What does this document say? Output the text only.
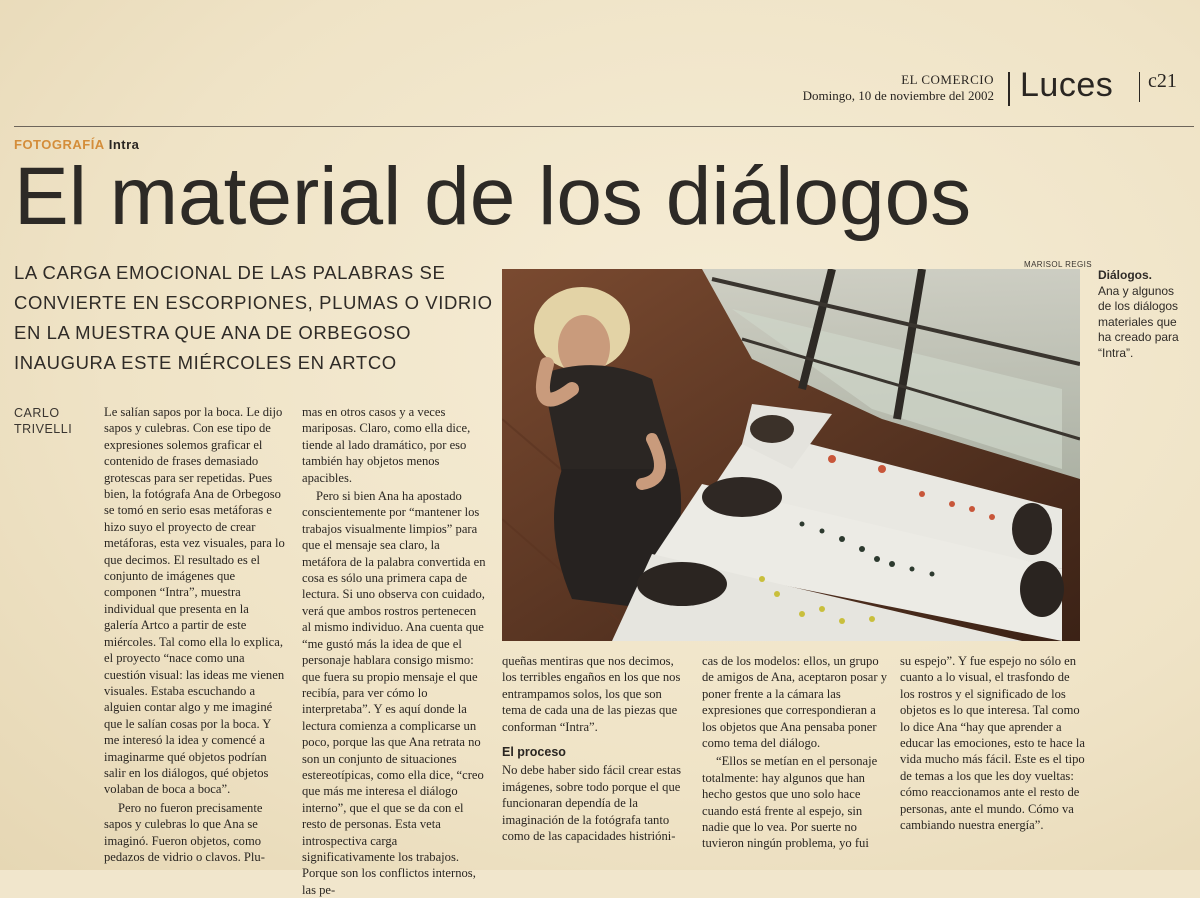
EL COMERCIO
Domingo, 10 de noviembre del 2002 Luces c21
FOTOGRAFÍA Intra
El material de los diálogos
LA CARGA EMOCIONAL DE LAS PALABRAS SE CONVIERTE EN ESCORPIONES, PLUMAS O VIDRIO EN LA MUESTRA QUE ANA DE ORBEGOSO INAUGURA ESTE MIÉRCOLES EN ARTCO
CARLO
TRIVELLI

Le salían sapos por la boca. Le dijo sapos y culebras. Con ese tipo de expresiones solemos graficar el contenido de frases demasiado grotescas para ser repetidas. Pues bien, la fotógrafa Ana de Orbegoso se tomó en serio esas metáforas e hizo suyo el proyecto de crear metáforas, esta vez visuales, para lo que decimos. El resultado es el conjunto de imágenes que componen “Intra”, muestra individual que presenta en la galería Artco a partir de este miércoles. Tal como ella lo explica, el proyecto “nace como una cuestión visual: las ideas me vienen visuales. Estaba escuchando a alguien contar algo y me imaginé que le salían cosas por la boca. Y me interesó la idea y comencé a imaginarme qué objetos podrían salir en los diálogos, qué objetos volaban de boca a boca”.

Pero no fueron precisamente sapos y culebras lo que Ana se imaginó. Fueron objetos, como pedazos de vidrio o clavos. Plu-

mas en otros casos y a veces mariposas. Claro, como ella dice, tiende al lado dramático, por eso también hay objetos menos apacibles.

Pero si bien Ana ha apostado conscientemente por “mantener los trabajos visualmente limpios” para que el mensaje sea claro, la metáfora de la palabra convertida en cosa es sólo una primera capa de lectura. Si uno observa con cuidado, verá que ambos rostros pertenecen al mismo individuo. Ana cuenta que “me gustó más la idea de que el personaje hablara consigo mismo: que fuera su propio mensaje el que recibía, para ver cómo lo interpretaba”. Y es aquí donde la lectura comienza a complicarse un poco, porque las que Ana retrata no son un conjunto de situaciones estereotípicas, como ella dice, “creo que más me interesa el diálogo interno”, que el que se da con el resto de personas. Esta veta introspectiva carga significativamente los trabajos. Porque son los conflictos internos, las pe-

queñas mentiras que nos decimos, los terribles engaños en los que nos entrampamos solos, los que son tema de cada una de las piezas que conforman “Intra”.

El proceso

No debe haber sido fácil crear estas imágenes, sobre todo porque el que funcionaran dependía de la imaginación de la fotógrafa tanto como de las capacidades histrióni-

cas de los modelos: ellos, un grupo de amigos de Ana, aceptaron posar y poner frente a la cámara las expresiones que correspondieran a los objetos que Ana pensaba poner como tema del diálogo.

“Ellos se metían en el personaje totalmente: hay algunos que han hecho gestos que uno solo hace cuando está frente al espejo, sin nadie que lo vea. Por suerte no tuvieron ningún problema, yo fui

su espejo”. Y fue espejo no sólo en cuanto a lo visual, el trasfondo de los rostros y el significado de los objetos es lo que interesa. Tal como lo dice Ana “hay que aprender a educar las emociones, esto te hace la vida mucho más fácil. Este es el tipo de temas a los que les doy vueltas: cómo reaccionamos ante el resto de personas, ante el mundo. Cómo va cambiando nuestra energía”.

MARISOL REGIS
Diálogos.
Ana y algunos de los diálogos materiales que ha creado para “Intra”.
